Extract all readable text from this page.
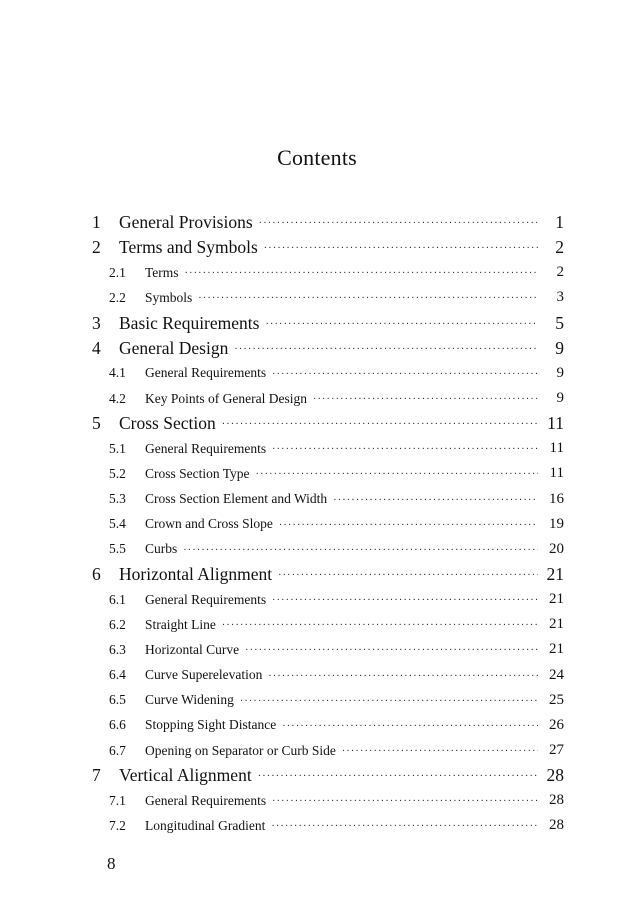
Contents
1	General Provisions ·····	1
2	Terms and Symbols ·····	2
2.1	Terms ·····	2
2.2	Symbols ·····	3
3	Basic Requirements ·····	5
4	General Design ·····	9
4.1	General Requirements ·····	9
4.2	Key Points of General Design ·····	9
5	Cross Section ·····	11
5.1	General Requirements ·····	11
5.2	Cross Section Type ·····	11
5.3	Cross Section Element and Width ·····	16
5.4	Crown and Cross Slope ·····	19
5.5	Curbs ·····	20
6	Horizontal Alignment ·····	21
6.1	General Requirements ·····	21
6.2	Straight Line ·····	21
6.3	Horizontal Curve ·····	21
6.4	Curve Superelevation ·····	24
6.5	Curve Widening ·····	25
6.6	Stopping Sight Distance ·····	26
6.7	Opening on Separator or Curb Side ·····	27
7	Vertical Alignment ·····	28
7.1	General Requirements ·····	28
7.2	Longitudinal Gradient ·····	28
8
